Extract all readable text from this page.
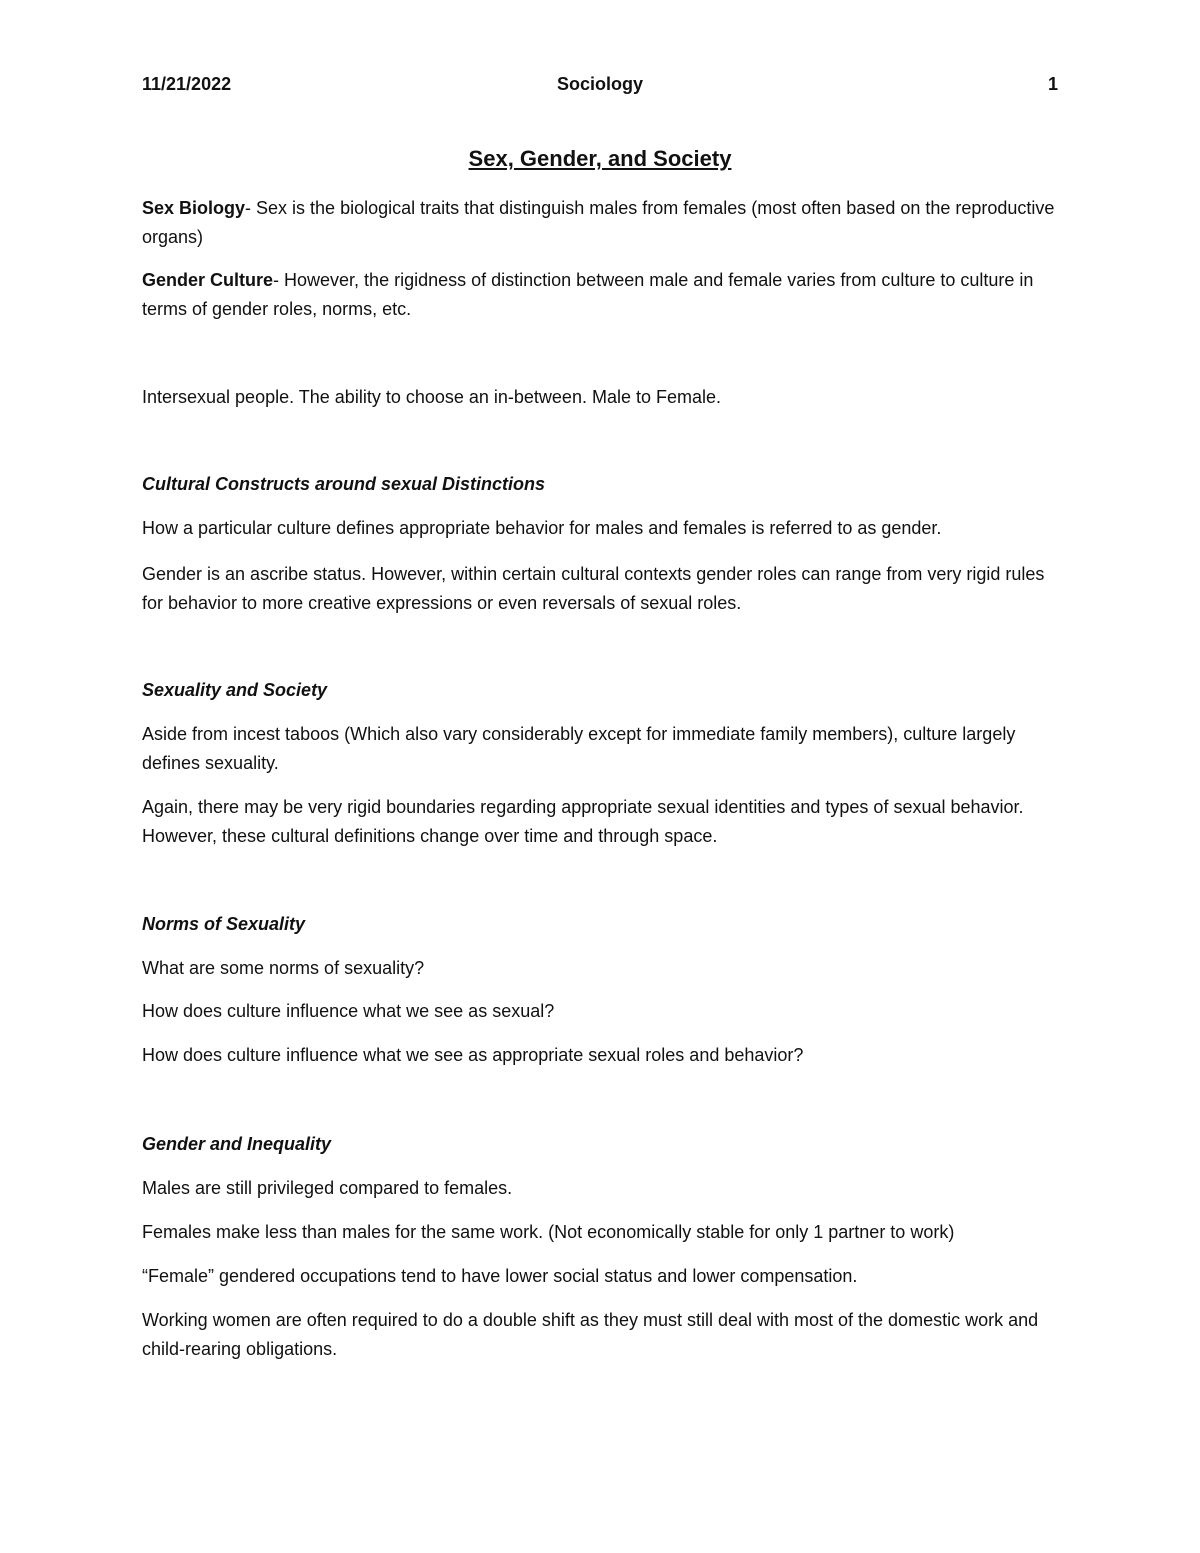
11/21/2022	Sociology	1
Sex, Gender, and Society

Sex Biology- Sex is the biological traits that distinguish males from females (most often based on the reproductive organs)

Gender Culture- However, the rigidness of distinction between male and female varies from culture to culture in terms of gender roles, norms, etc.

Intersexual people. The ability to choose an in-between. Male to Female.

Cultural Constructs around sexual Distinctions

How a particular culture defines appropriate behavior for males and females is referred to as gender.

Gender is an ascribe status. However, within certain cultural contexts gender roles can range from very rigid rules for behavior to more creative expressions or even reversals of sexual roles.

Sexuality and Society

Aside from incest taboos (Which also vary considerably except for immediate family members), culture largely defines sexuality.

Again, there may be very rigid boundaries regarding appropriate sexual identities and types of sexual behavior. However, these cultural definitions change over time and through space.

Norms of Sexuality

What are some norms of sexuality?

How does culture influence what we see as sexual?

How does culture influence what we see as appropriate sexual roles and behavior?

Gender and Inequality

Males are still privileged compared to females.

Females make less than males for the same work. (Not economically stable for only 1 partner to work)

“Female” gendered occupations tend to have lower social status and lower compensation.

Working women are often required to do a double shift as they must still deal with most of the domestic work and child-rearing obligations.
